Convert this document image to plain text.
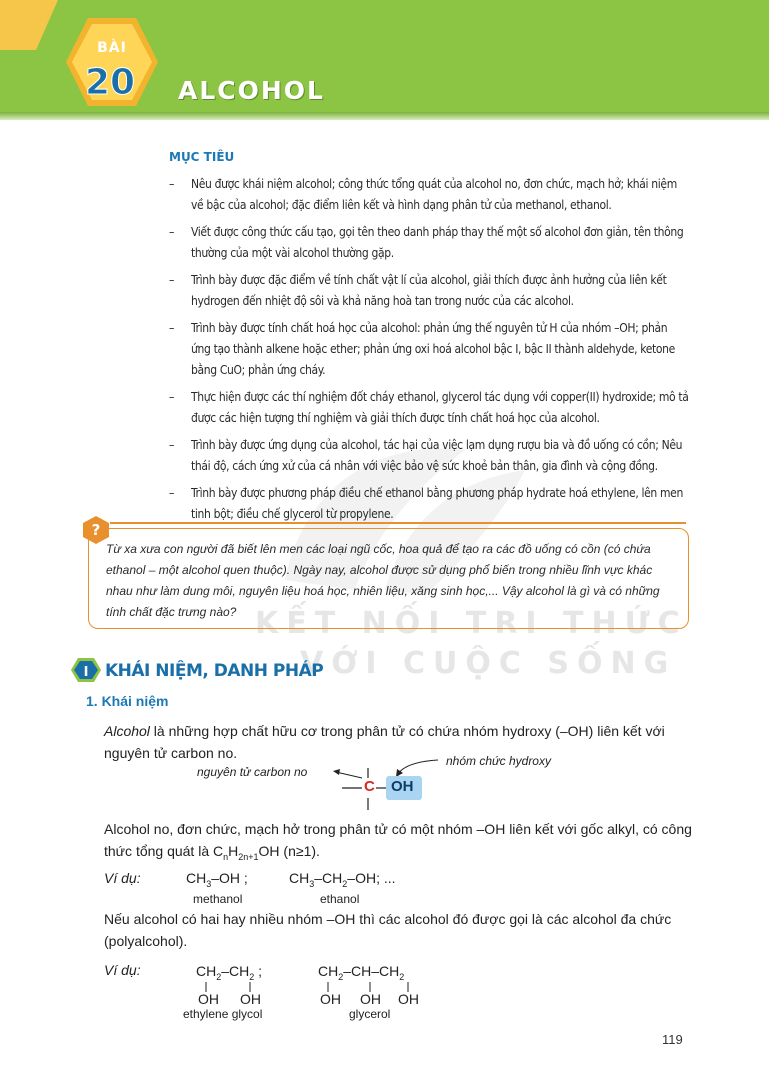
BÀI
20	ALCOHOL
KẾT NỐI TRI THỨC
VỚI CUỘC SỐNG
MỤC TIÊU
– Nêu được khái niệm alcohol; công thức tổng quát của alcohol no, đơn chức, mạch hở; khái niệm về bậc của alcohol; đặc điểm liên kết và hình dạng phân tử của methanol, ethanol.
– Viết được công thức cấu tạo, gọi tên theo danh pháp thay thế một số alcohol đơn giản, tên thông thường của một vài alcohol thường gặp.
– Trình bày được đặc điểm về tính chất vật lí của alcohol, giải thích được ảnh hưởng của liên kết hydrogen đến nhiệt độ sôi và khả năng hoà tan trong nước của các alcohol.
– Trình bày được tính chất hoá học của alcohol: phản ứng thế nguyên tử H của nhóm –OH; phản ứng tạo thành alkene hoặc ether; phản ứng oxi hoá alcohol bậc I, bậc II thành aldehyde, ketone bằng CuO; phản ứng cháy.
– Thực hiện được các thí nghiệm đốt cháy ethanol, glycerol tác dụng với copper(II) hydroxide; mô tả được các hiện tượng thí nghiệm và giải thích được tính chất hoá học của alcohol.
– Trình bày được ứng dụng của alcohol, tác hại của việc lạm dụng rượu bia và đồ uống có cồn; Nêu thái độ, cách ứng xử của cá nhân với việc bảo vệ sức khoẻ bản thân, gia đình và cộng đồng.
– Trình bày được phương pháp điều chế ethanol bằng phương pháp hydrate hoá ethylene, lên men tinh bột; điều chế glycerol từ propylene.
?
Từ xa xưa con người đã biết lên men các loại ngũ cốc, hoa quả để tạo ra các đồ uống có cồn (có chứa ethanol – một alcohol quen thuộc). Ngày nay, alcohol được sử dụng phổ biến trong nhiều lĩnh vực khác nhau như làm dung môi, nguyên liệu hoá học, nhiên liệu, xăng sinh học,... Vậy alcohol là gì và có những tính chất đặc trưng nào?
I KHÁI NIỆM, DANH PHÁP
1. Khái niệm
Alcohol là những hợp chất hữu cơ trong phân tử có chứa nhóm hydroxy (–OH) liên kết với nguyên tử carbon no.
nguyên tử carbon no
nhóm chức hydroxy
C OH
Alcohol no, đơn chức, mạch hở trong phân tử có một nhóm –OH liên kết với gốc alkyl, có công thức tổng quát là $C_nH_{2n+1}OH$ (n≥1).
Ví dụ:	$CH_3-OH$ ;	$CH_3-CH_2-OH$; ...
methanol	ethanol
Nếu alcohol có hai hay nhiều nhóm –OH thì các alcohol đó được gọi là các alcohol đa chức (polyalcohol).
Ví dụ:	$CH_2-CH_2$ ;
OH OH
$CH_2-CH-CH_2$
OH OH OH
ethylene glycol	glycerol
119
